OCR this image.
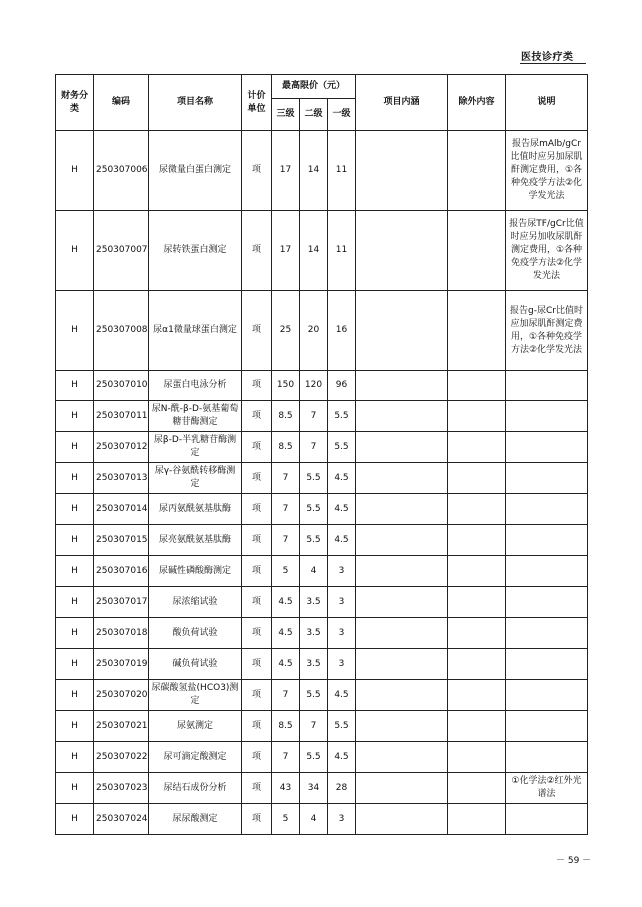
医技诊疗类
财务分类	编码	项目名称	计价单位	最高限价（元）			项目内涵	除外内容	说明
				三级	二级	一级			
H	250307006	尿微量白蛋白测定	项	17	14	11			报告尿mAlb/gCr比值时应另加尿肌酐测定费用，①各种免疫学方法②化学发光法
H	250307007	尿转铁蛋白测定	项	17	14	11			报告尿TF/gCr比值时应另加收尿肌酐测定费用，①各种免疫学方法②化学发光法
H	250307008	尿α1微量球蛋白测定	项	25	20	16			报告g-尿Cr比值时应加尿肌酐测定费用，①各种免疫学方法②化学发光法
H	250307010	尿蛋白电泳分析	项	150	120	96			
H	250307011	尿N-酰-β-D-氨基葡萄糖苷酶测定	项	8.5	7	5.5			
H	250307012	尿β-D-半乳糖苷酶测定	项	8.5	7	5.5			
H	250307013	尿γ-谷氨酰转移酶测定	项	7	5.5	4.5			
H	250307014	尿丙氨酰氨基肽酶	项	7	5.5	4.5			
H	250307015	尿亮氨酰氨基肽酶	项	7	5.5	4.5			
H	250307016	尿碱性磷酸酶测定	项	5	4	3			
H	250307017	尿浓缩试验	项	4.5	3.5	3			
H	250307018	酸负荷试验	项	4.5	3.5	3			
H	250307019	碱负荷试验	项	4.5	3.5	3			
H	250307020	尿碳酸氢盐(HCO3)测定	项	7	5.5	4.5			
H	250307021	尿氨测定	项	8.5	7	5.5			
H	250307022	尿可滴定酸测定	项	7	5.5	4.5			
H	250307023	尿结石成份分析	项	43	34	28			①化学法②红外光谱法
H	250307024	尿尿酸测定	项	5	4	3			
－ 59 －
